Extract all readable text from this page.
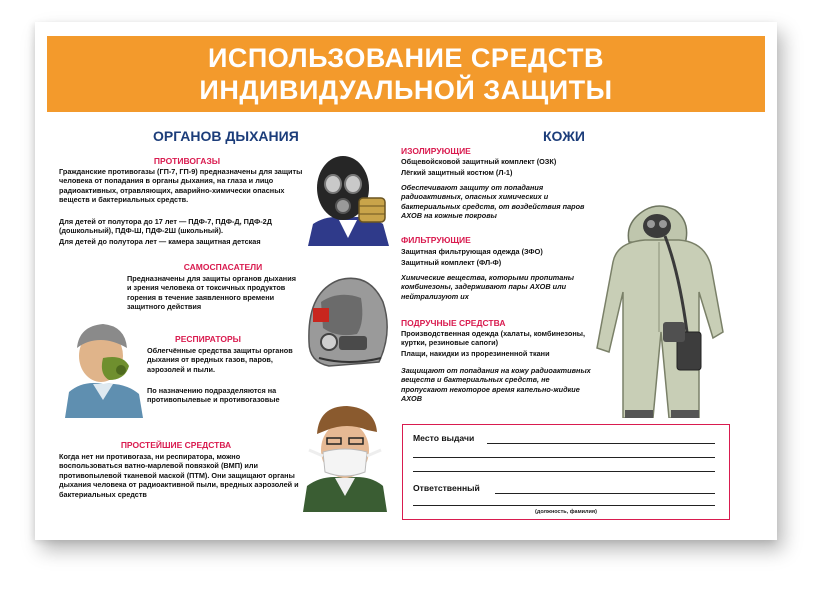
ИСПОЛЬЗОВАНИЕ СРЕДСТВ
ИНДИВИДУАЛЬНОЙ ЗАЩИТЫ
ОРГАНОВ ДЫХАНИЯ
ПРОТИВОГАЗЫ

Гражданские противогазы (ГП-7, ГП-9) предназначены для защиты человека от попадания в органы дыхания, на глаза и лицо радиоактивных, отравляющих, аварийно-химически опасных веществ и бактериальных средств.

Для детей от полутора до 17 лет — ПДФ-7, ПДФ-Д, ПДФ-2Д (дошкольный), ПДФ-Ш, ПДФ-2Ш (школьный).

Для детей до полутора лет — камера защитная детская

САМОСПАСАТЕЛИ

Предназначены для защиты органов дыхания и зрения человека от токсичных продуктов горения в течение заявленного времени защитного действия

РЕСПИРАТОРЫ

Облегчённые средства защиты органов дыхания от вредных газов, паров, аэрозолей и пыли.

По назначению подразделяются на противопылевые и противогазовые

ПРОСТЕЙШИЕ СРЕДСТВА

Когда нет ни противогаза, ни респиратора, можно воспользоваться ватно-марлевой повязкой (ВМП) или противопылевой тканевой маской (ПТМ). Они защищают органы дыхания человека от радиоактивной пыли, вредных аэрозолей и бактериальных средств

КОЖИ
ИЗОЛИРУЮЩИЕ

Общевойсковой защитный комплект (ОЗК)

Лёгкий защитный костюм (Л-1)

Обеспечивают защиту от попадания радиоактивных, опасных химических и бактериальных средств, от воздействия паров АХОВ на кожные покровы

ФИЛЬТРУЮЩИЕ

Защитная фильтрующая одежда (ЗФО)

Защитный комплект (ФЛ-Ф)

Химические вещества, которыми пропитаны комбинезоны, задерживают пары АХОВ или нейтрализуют их

ПОДРУЧНЫЕ СРЕДСТВА

Производственная одежда (халаты, комбинезоны, куртки, резиновые сапоги)

Плащи, накидки из прорезиненной ткани

Защищают от попадания на кожу радиоактивных веществ и бактериальных средств, не пропускают некоторое время капельно-жидкие АХОВ

Место выдачи
Ответственный
(должность, фамилия)
